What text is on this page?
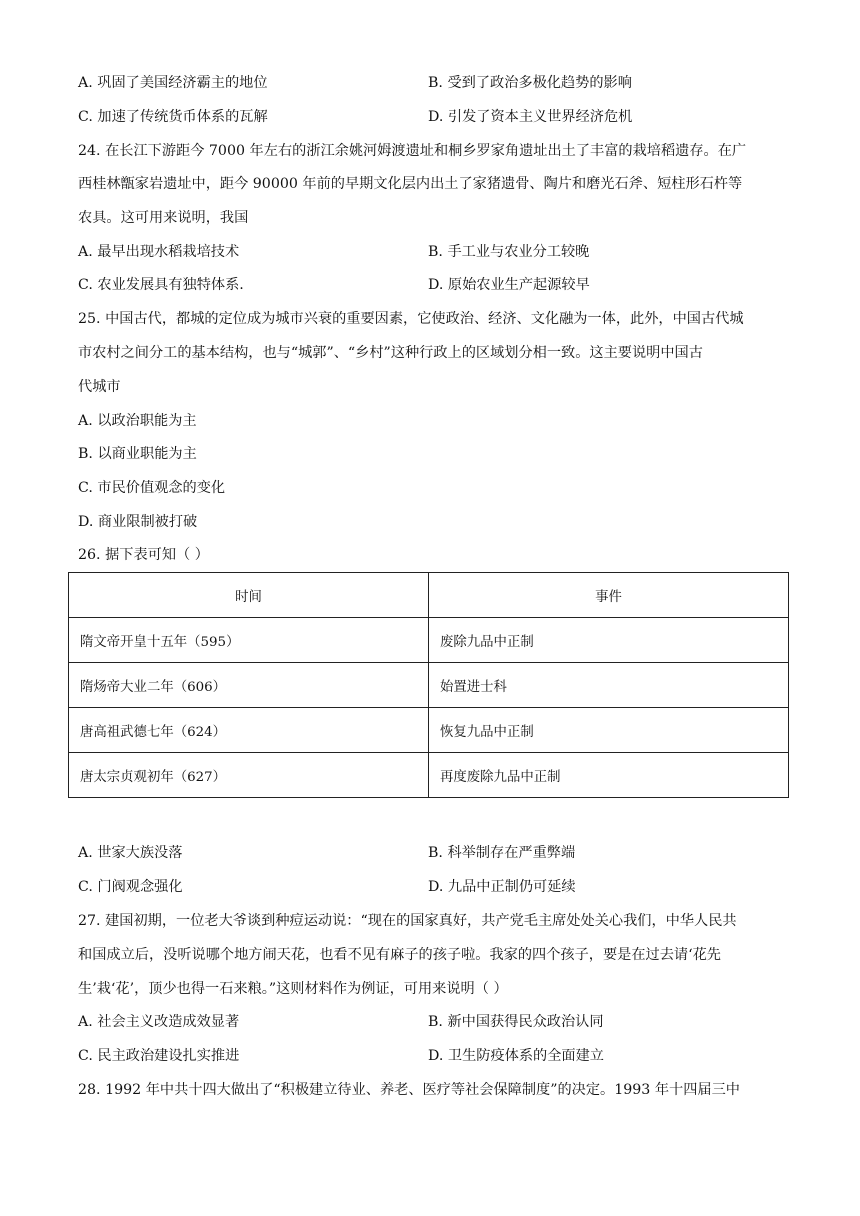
A. 巩固了美国经济霸主的地位	B. 受到了政治多极化趋势的影响
C. 加速了传统货币体系的瓦解	D. 引发了资本主义世界经济危机
24. 在长江下游距今 7000 年左右的浙江余姚河姆渡遗址和桐乡罗家角遗址出土了丰富的栽培稻遗存。在广
西桂林甑家岩遗址中，距今 90000 年前的早期文化层内出土了家猪遗骨、陶片和磨光石斧、短柱形石杵等
农具。这可用来说明，我国
A. 最早出现水稻栽培技术	B. 手工业与农业分工较晚
C. 农业发展具有独特体系.	D. 原始农业生产起源较早
25. 中国古代，都城的定位成为城市兴衰的重要因素，它使政治、经济、文化融为一体，此外，中国古代城
市农村之间分工的基本结构，也与“城郭”、“乡村”这种行政上的区域划分相一致。这主要说明中国古
代城市
A. 以政治职能为主
B. 以商业职能为主
C. 市民价值观念的变化
D. 商业限制被打破
26. 据下表可知（ ）
时间	事件
隋文帝开皇十五年（595）	废除九品中正制
隋炀帝大业二年（606）	始置进士科
唐高祖武德七年（624）	恢复九品中正制
唐太宗贞观初年（627）	再度废除九品中正制
A. 世家大族没落	B. 科举制存在严重弊端
C. 门阀观念强化	D. 九品中正制仍可延续
27. 建国初期，一位老大爷谈到种痘运动说：“现在的国家真好，共产党毛主席处处关心我们，中华人民共
和国成立后，没听说哪个地方闹天花，也看不见有麻子的孩子啦。我家的四个孩子，要是在过去请‘花先
生’栽‘花’，顶少也得一石来粮。”这则材料作为例证，可用来说明（ ）
A. 社会主义改造成效显著	B. 新中国获得民众政治认同
C. 民主政治建设扎实推进	D. 卫生防疫体系的全面建立
28. 1992 年中共十四大做出了“积极建立待业、养老、医疗等社会保障制度”的决定。1993 年十四届三中
